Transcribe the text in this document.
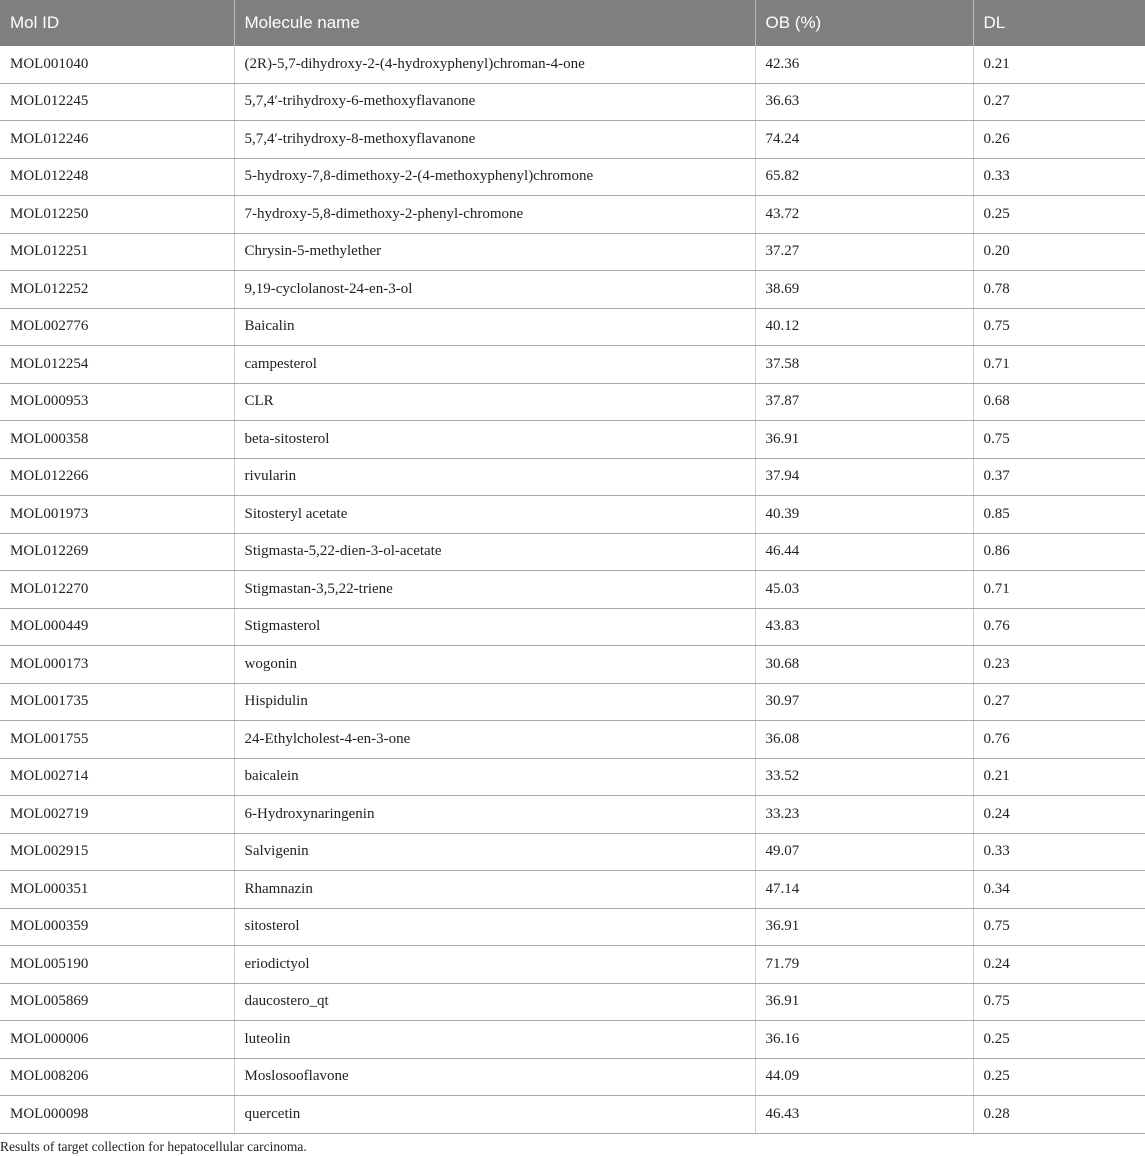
Mol ID	Molecule name	OB (%)	DL
MOL001040	(2R)-5,7-dihydroxy-2-(4-hydroxyphenyl)chroman-4-one	42.36	0.21
MOL012245	5,7,4′-trihydroxy-6-methoxyflavanone	36.63	0.27
MOL012246	5,7,4′-trihydroxy-8-methoxyflavanone	74.24	0.26
MOL012248	5-hydroxy-7,8-dimethoxy-2-(4-methoxyphenyl)chromone	65.82	0.33
MOL012250	7-hydroxy-5,8-dimethoxy-2-phenyl-chromone	43.72	0.25
MOL012251	Chrysin-5-methylether	37.27	0.20
MOL012252	9,19-cyclolanost-24-en-3-ol	38.69	0.78
MOL002776	Baicalin	40.12	0.75
MOL012254	campesterol	37.58	0.71
MOL000953	CLR	37.87	0.68
MOL000358	beta-sitosterol	36.91	0.75
MOL012266	rivularin	37.94	0.37
MOL001973	Sitosteryl acetate	40.39	0.85
MOL012269	Stigmasta-5,22-dien-3-ol-acetate	46.44	0.86
MOL012270	Stigmastan-3,5,22-triene	45.03	0.71
MOL000449	Stigmasterol	43.83	0.76
MOL000173	wogonin	30.68	0.23
MOL001735	Hispidulin	30.97	0.27
MOL001755	24-Ethylcholest-4-en-3-one	36.08	0.76
MOL002714	baicalein	33.52	0.21
MOL002719	6-Hydroxynaringenin	33.23	0.24
MOL002915	Salvigenin	49.07	0.33
MOL000351	Rhamnazin	47.14	0.34
MOL000359	sitosterol	36.91	0.75
MOL005190	eriodictyol	71.79	0.24
MOL005869	daucostero_qt	36.91	0.75
MOL000006	luteolin	36.16	0.25
MOL008206	Moslosooflavone	44.09	0.25
MOL000098	quercetin	46.43	0.28

Results of target collection for hepatocellular carcinoma.
